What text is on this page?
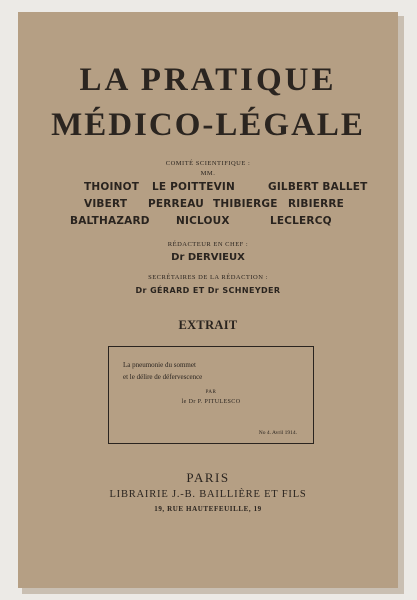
LA PRATIQUE
MÉDICO-LÉGALE
COMITÉ SCIENTIFIQUE :
MM.
THOINOT LE POITTEVIN	GILBERT BALLET
VIBERT PERREAU THIBIERGE RIBIERRE
BALTHAZARD	NICLOUX	LECLERCQ
RÉDACTEUR EN CHEF :
Dr DERVIEUX
SECRÉTAIRES DE LA RÉDACTION :
Dr GÉRARD ET Dr SCHNEYDER
EXTRAIT
La pneumonie du sommet
et le délire de défervescence
PAR
le Dr P. PITULESCO
No 4. Avril 1914.
PARIS
LIBRAIRIE J.-B. BAILLIÈRE ET FILS
19, RUE HAUTEFEUILLE, 19
